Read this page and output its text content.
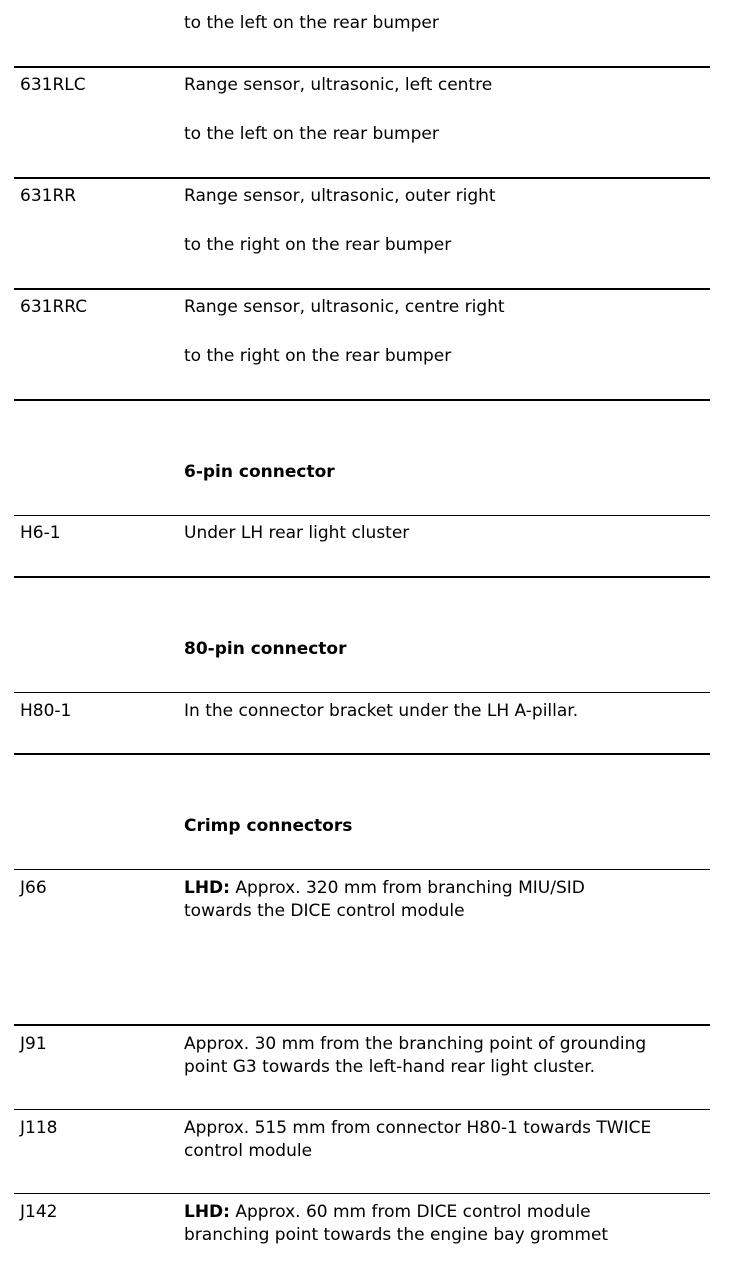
to the left on the rear bumper
631RLC	Range sensor, ultrasonic, left centre
to the left on the rear bumper
631RR	Range sensor, ultrasonic, outer right
to the right on the rear bumper
631RRC	Range sensor, ultrasonic, centre right
to the right on the rear bumper
6-pin connector
H6-1	Under LH rear light cluster
80-pin connector
H80-1	In the connector bracket under the LH A-pillar.
Crimp connectors
J66	LHD: Approx. 320 mm from branching MIU/SID
towards the DICE control module
J91	Approx. 30 mm from the branching point of grounding
point G3 towards the left-hand rear light cluster.
J118	Approx. 515 mm from connector H80-1 towards TWICE
control module
J142	LHD: Approx. 60 mm from DICE control module
branching point towards the engine bay grommet
